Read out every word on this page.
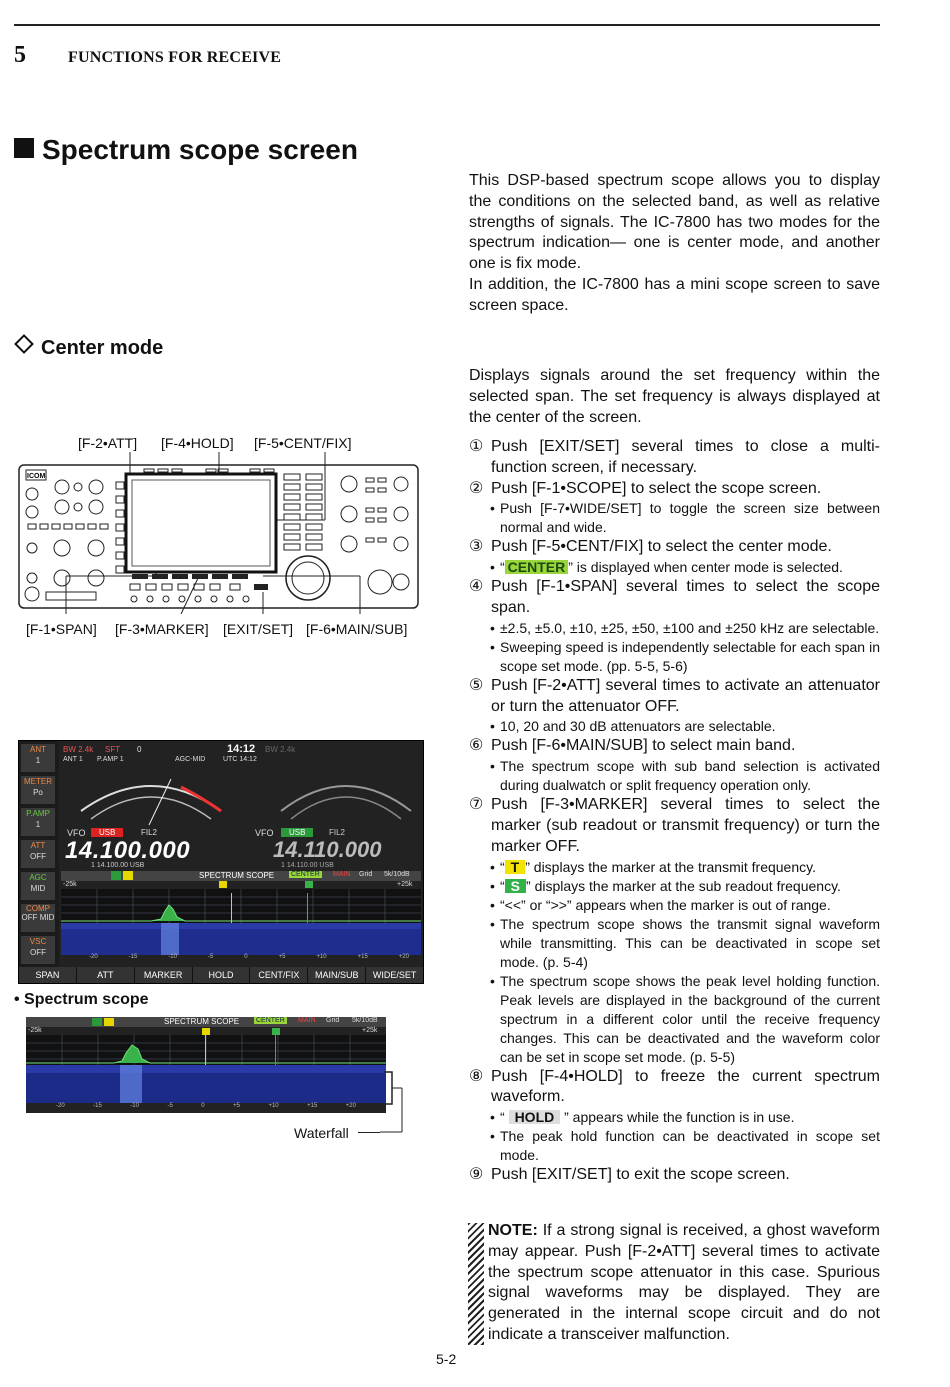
5	FUNCTIONS FOR RECEIVE
Spectrum scope screen
Center mode
This DSP-based spectrum scope allows you to display the conditions on the selected band, as well as relative strengths of signals. The IC-7800 has two modes for the spectrum indication— one is center mode, and another one is fix mode.
In addition, the IC-7800 has a mini scope screen to save screen space.
Displays signals around the set frequency within the selected span. The set frequency is always displayed at the center of the screen.
① Push [EXIT/SET] several times to close a multi-function screen, if necessary.
② Push [F-1•SCOPE] to select the scope screen.
• Push [F-7•WIDE/SET] to toggle the screen size between normal and wide.
③ Push [F-5•CENT/FIX] to select the center mode.
• “ CENTER ” is displayed when center mode is selected.
④ Push [F-1•SPAN] several times to select the scope span.
• ±2.5, ±5.0, ±10, ±25, ±50, ±100 and ±250 kHz are selectable.
• Sweeping speed is independently selectable for each span in scope set mode. (pp. 5-5, 5-6)
⑤ Push [F-2•ATT] several times to activate an attenuator or turn the attenuator OFF.
• 10, 20 and 30 dB attenuators are selectable.
⑥ Push [F-6•MAIN/SUB] to select main band.
• The spectrum scope with sub band selection is activated during dualwatch or split frequency operation only.
⑦ Push [F-3•MARKER] several times to select the marker (sub readout or transmit frequency) or turn the marker OFF.
• “ T ” displays the marker at the transmit frequency.
• “ S ” displays the marker at the sub readout frequency.
• “<<” or “>>” appears when the marker is out of range.
• The spectrum scope shows the transmit signal waveform while transmitting. This can be deactivated in scope set mode. (p. 5-4)
• The spectrum scope shows the peak level holding function. Peak levels are displayed in the background of the current spectrum in a different color until the receive frequency changes. This can be deactivated and the waveform color can be set in scope set mode. (p. 5-5)
⑧ Push [F-4•HOLD] to freeze the current spectrum waveform.
• “ HOLD ” appears while the function is in use.
• The peak hold function can be deactivated in scope set mode.
⑨ Push [EXIT/SET] to exit the scope screen.
NOTE: If a strong signal is received, a ghost waveform may appear. Push [F-2•ATT] several times to activate the spectrum scope attenuator in this case. Spurious signal waveforms may be displayed. They are generated in the internal scope circuit and do not indicate a transceiver malfunction.
5-2
[F-2•ATT] [F-4•HOLD] [F-5•CENT/FIX]
[F-1•SPAN] [F-3•MARKER] [EXIT/SET] [F-6•MAIN/SUB]
ICOM
ANT
1
METER
Po
P.AMP
1
ATT
OFF
AGC
MID
COMP
OFF MID
VSC
OFF
BW 2.4k SFT 0
ANT 1 P.AMP 1	AGC-MID
14:12
UTC 14:12
BW 2.4k
VFO	USB	FIL2
14.100.000
1 14.100.00 USB
VFO	USB	FIL2
14.110.000
1 14.110.00 USB
SPECTRUM SCOPE CENTER MAIN Grid 5k/10dB
-25k	+25k
-20	-15	-10	-5	0	+5	+10	+15	+20
SPAN	ATT	MARKER	HOLD	CENT/FIX	MAIN/SUB	WIDE/SET
• Spectrum scope
SPECTRUM SCOPE CENTER MAIN Grid 5k/10dB
-25k	+25k
-20	-15	-10	-5	0	+5	+10	+15	+20
Waterfall
